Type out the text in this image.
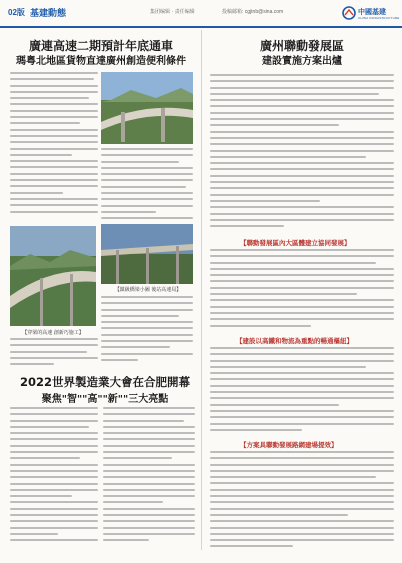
02版 基建動態	集团编辑 · 责任编辑	投稿邮箱: cgjtnb@sina.com	中國基建
CHINA INFRASTRUCTURE
廣連高速二期預計年底通車
瑪粤北地區貨物直達廣州創造便利條件
【鎮級橋梁小圖 後站高速局】
【穿梁的高速 創新巧施工】
廣州聯動發展區
建設實施方案出爐
【聯動發展區內大區體建立協同發展】
【建設以高鐵和物流為重點的暢通樞紐】
【方案具聯動發展路網建場提效】
2022世界製造業大會在合肥開幕
聚焦"智""高""新""三大亮點
